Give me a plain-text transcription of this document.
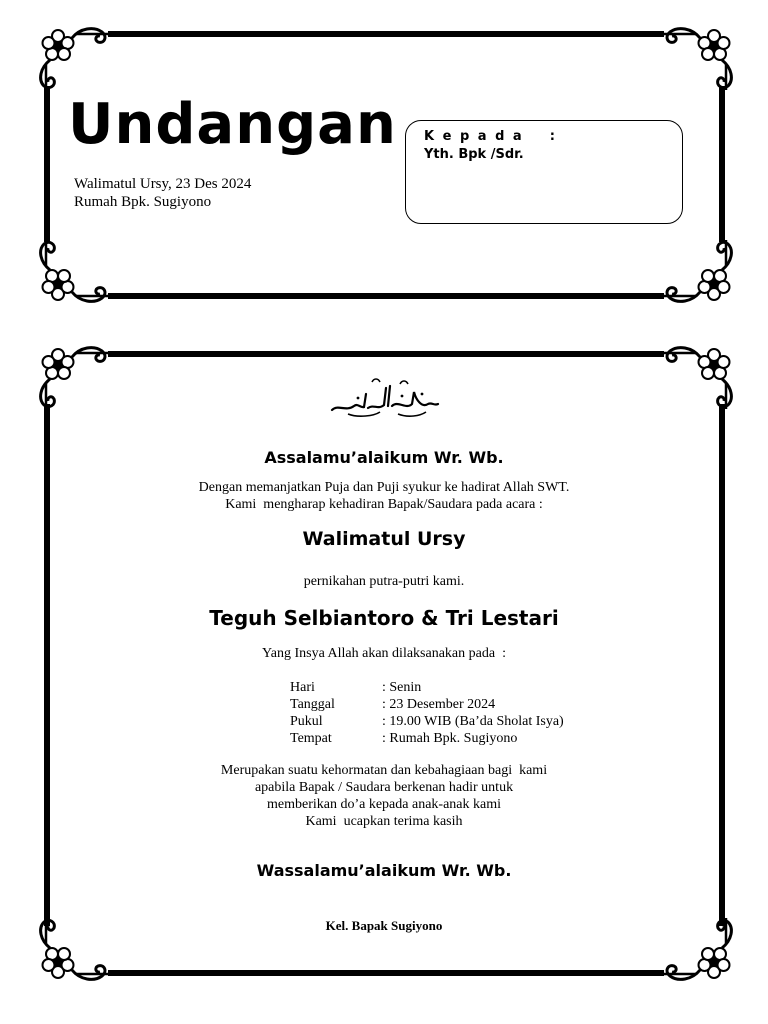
Undangan
Walimatul Ursy, 23 Des 2024
Rumah Bpk. Sugiyono
K e p a d a    :
Yth. Bpk /Sdr.
Assalamu’alaikum Wr. Wb.
Dengan memanjatkan Puja dan Puji syukur ke hadirat Allah SWT.
Kami  mengharap kehadiran Bapak/Saudara pada acara :
Walimatul Ursy
pernikahan putra-putri kami.
Teguh Selbiantoro & Tri Lestari
Yang Insya Allah akan dilaksanakan pada  :
Hari	: Senin
Tanggal	: 23 Desember 2024
Pukul	: 19.00 WIB (Ba’da Sholat Isya)
Tempat	: Rumah Bpk. Sugiyono
Merupakan suatu kehormatan dan kebahagiaan bagi  kami
apabila Bapak / Saudara berkenan hadir untuk
memberikan do’a kepada anak-anak kami
Kami  ucapkan terima kasih
Wassalamu’alaikum Wr. Wb.
Kel. Bapak Sugiyono
